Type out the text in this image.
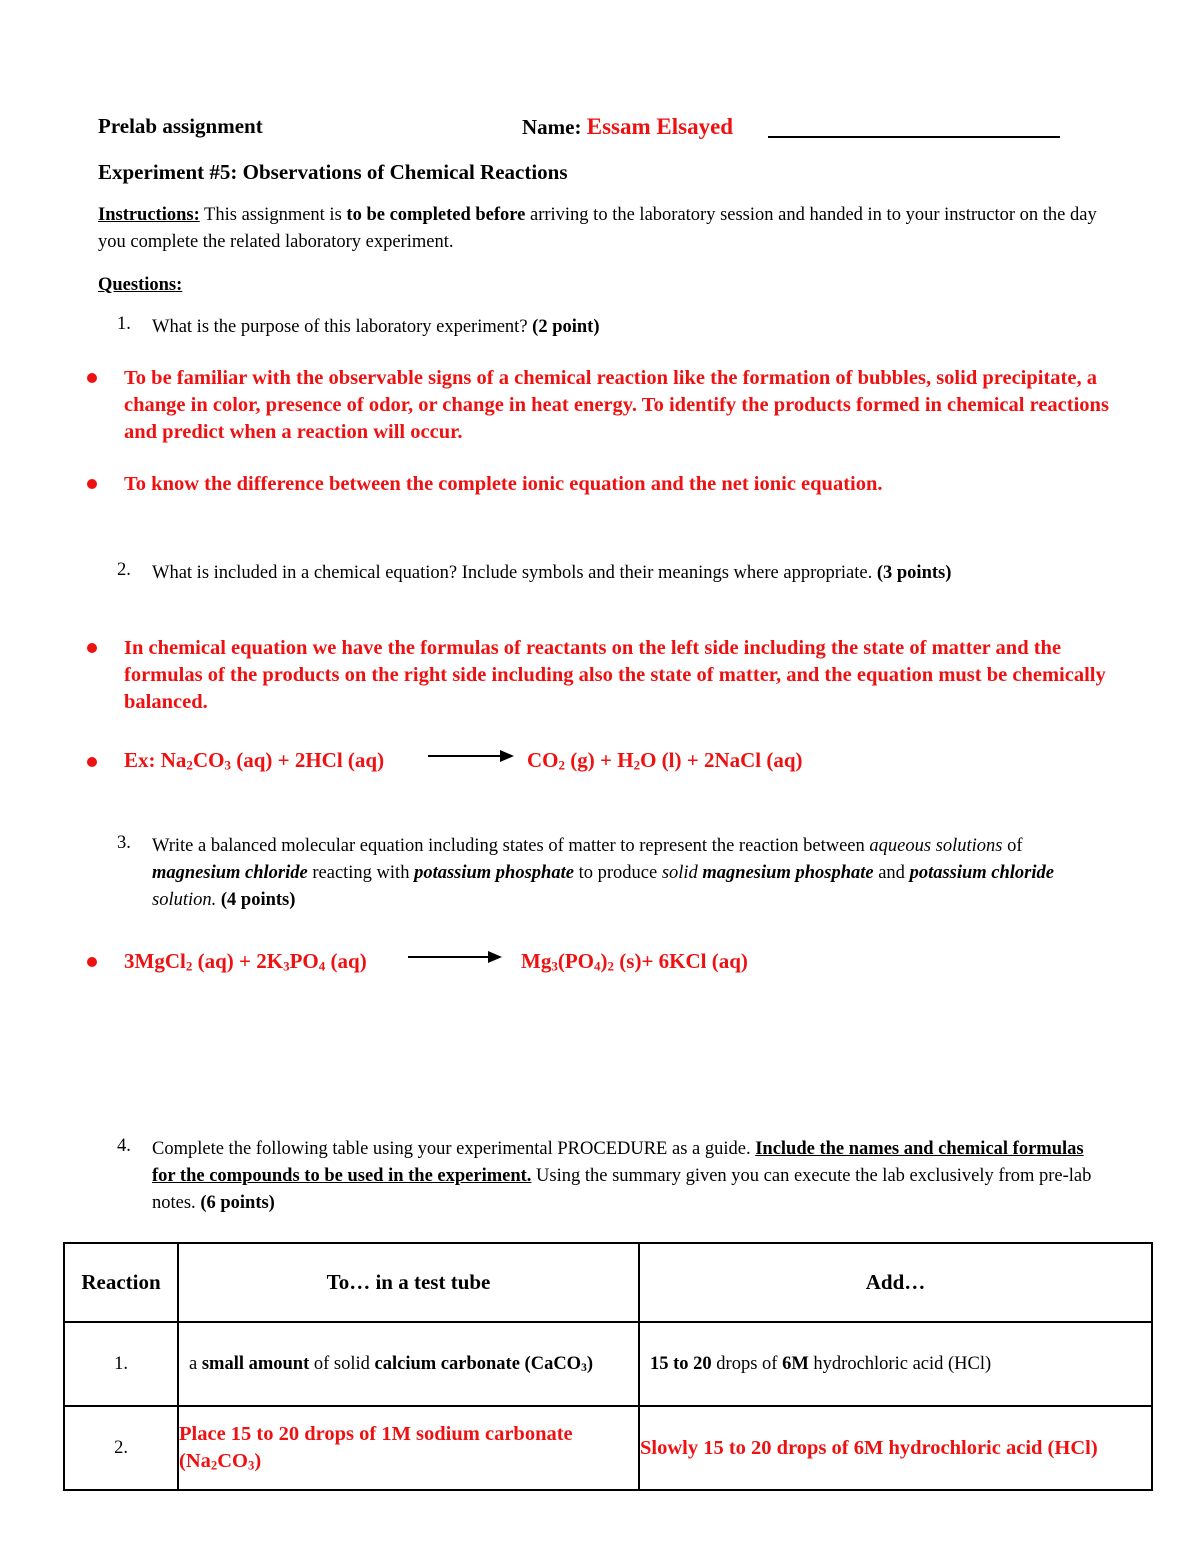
Prelab assignment	Name: Essam Elsayed
Experiment #5: Observations of Chemical Reactions
Instructions: This assignment is to be completed before arriving to the laboratory session and handed in to your instructor on the day you complete the related laboratory experiment.
Questions:
1. What is the purpose of this laboratory experiment? (2 point)
To be familiar with the observable signs of a chemical reaction like the formation of bubbles, solid precipitate, a change in color, presence of odor, or change in heat energy. To identify the products formed in chemical reactions and predict when a reaction will occur.
To know the difference between the complete ionic equation and the net ionic equation.
2. What is included in a chemical equation? Include symbols and their meanings where appropriate. (3 points)
In chemical equation we have the formulas of reactants on the left side including the state of matter and the formulas of the products on the right side including also the state of matter, and the equation must be chemically balanced.
Ex: $Na_2CO_3$ (aq) + 2HCl (aq)	$CO_2$ $(g) + H_2O$ (l) + 2NaCl (aq)
3. Write a balanced molecular equation including states of matter to represent the reaction between aqueous solutions of magnesium chloride reacting with potassium phosphate to produce solid magnesium phosphate and potassium chloride solution. (4 points)
3MgCl$_2$ $(aq) + 2K_3PO_4$ (aq)	$Mg_3(PO_4)_2$ (s)+ 6KCl (aq)
4. Complete the following table using your experimental PROCEDURE as a guide. Include the names and chemical formulas for the compounds to be used in the experiment. Using the summary given you can execute the lab exclusively from pre-lab notes. (6 points)
Reaction	To… in a test tube	Add…
1.	a small amount of solid calcium carbonate (CaCO$_3$)	15 to 20 drops of 6M hydrochloric acid (HCl)
2.	Place 15 to 20 drops of 1M sodium carbonate $(Na_2CO_3)$	Slowly 15 to 20 drops of 6M hydrochloric acid (HCl)
